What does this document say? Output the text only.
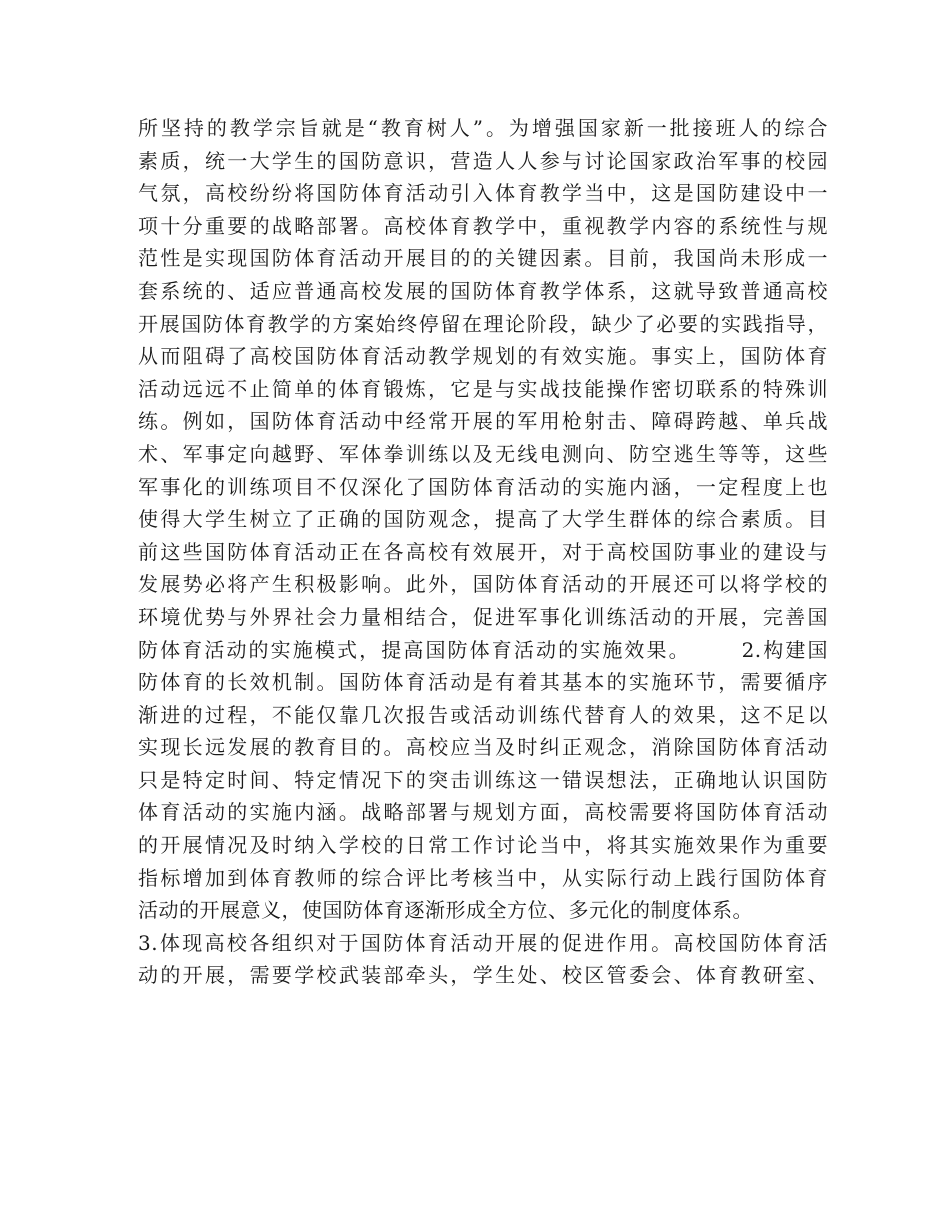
所坚持的教学宗旨就是“教育树人”。为增强国家新一批接班人的综合
素质，统一大学生的国防意识，营造人人参与讨论国家政治军事的校园
气氛，高校纷纷将国防体育活动引入体育教学当中，这是国防建设中一
项十分重要的战略部署。高校体育教学中，重视教学内容的系统性与规
范性是实现国防体育活动开展目的的关键因素。目前，我国尚未形成一
套系统的、适应普通高校发展的国防体育教学体系，这就导致普通高校
开展国防体育教学的方案始终停留在理论阶段，缺少了必要的实践指导，
从而阻碍了高校国防体育活动教学规划的有效实施。事实上，国防体育
活动远远不止简单的体育锻炼，它是与实战技能操作密切联系的特殊训
练。例如，国防体育活动中经常开展的军用枪射击、障碍跨越、单兵战
术、军事定向越野、军体拳训练以及无线电测向、防空逃生等等，这些
军事化的训练项目不仅深化了国防体育活动的实施内涵，一定程度上也
使得大学生树立了正确的国防观念，提高了大学生群体的综合素质。目
前这些国防体育活动正在各高校有效展开，对于高校国防事业的建设与
发展势必将产生积极影响。此外，国防体育活动的开展还可以将学校的
环境优势与外界社会力量相结合，促进军事化训练活动的开展，完善国
防体育活动的实施模式，提高国防体育活动的实施效果。      2.构建国
防体育的长效机制。国防体育活动是有着其基本的实施环节，需要循序
渐进的过程，不能仅靠几次报告或活动训练代替育人的效果，这不足以
实现长远发展的教育目的。高校应当及时纠正观念，消除国防体育活动
只是特定时间、特定情况下的突击训练这一错误想法，正确地认识国防
体育活动的实施内涵。战略部署与规划方面，高校需要将国防体育活动
的开展情况及时纳入学校的日常工作讨论当中，将其实施效果作为重要
指标增加到体育教师的综合评比考核当中，从实际行动上践行国防体育
活动的开展意义，使国防体育逐渐形成全方位、多元化的制度体系。
3.体现高校各组织对于国防体育活动开展的促进作用。高校国防体育活
动的开展，需要学校武装部牵头，学生处、校区管委会、体育教研室、
